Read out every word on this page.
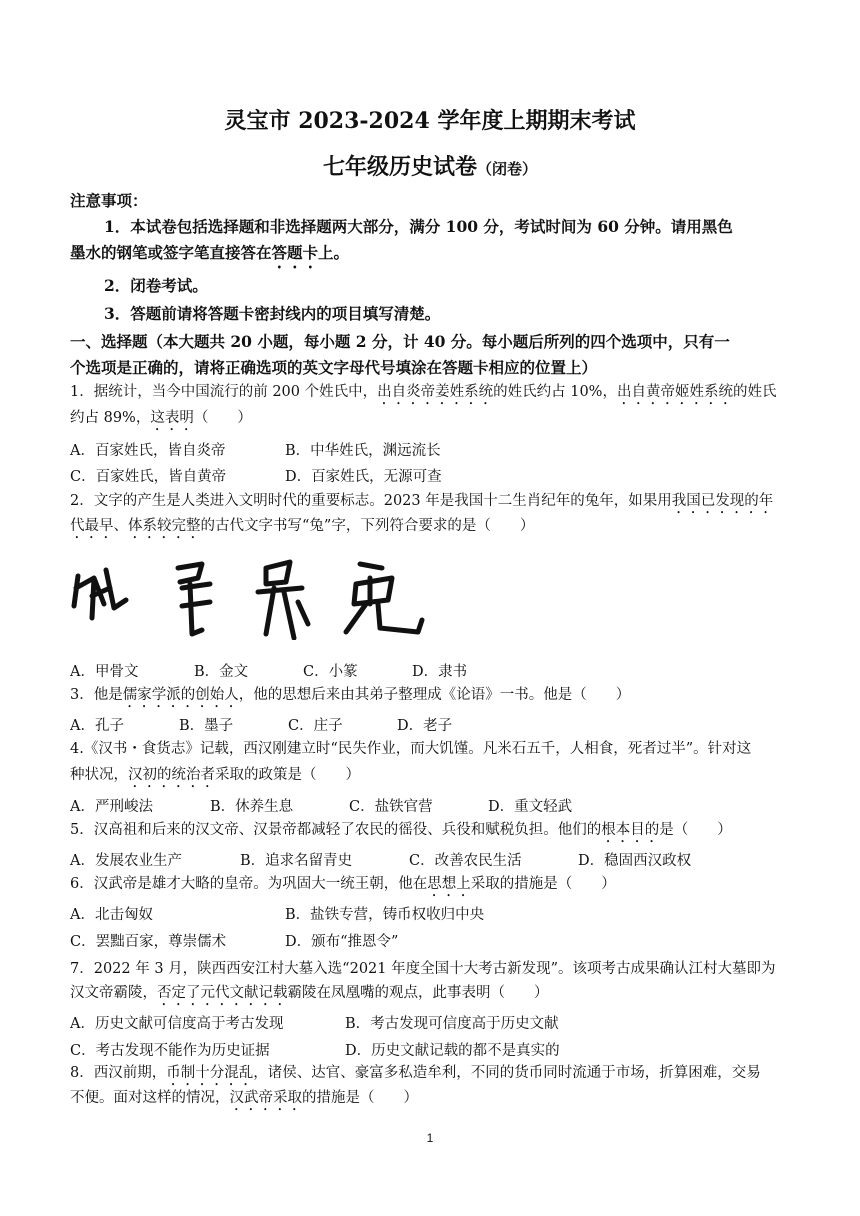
灵宝市 2023-2024 学年度上期期末考试
七年级历史试卷（闭卷）
注意事项：
1．本试卷包括选择题和非选择题两大部分，满分 100 分，考试时间为 60 分钟。请用黑色
墨水的钢笔或签字笔直接答在答题卡上。
2．闭卷考试。
3．答题前请将答题卡密封线内的项目填写清楚。
一、选择题（本大题共 20 小题，每小题 2 分，计 40 分。每小题后所列的四个选项中，只有一
个选项是正确的，请将正确选项的英文字母代号填涂在答题卡相应的位置上）
1．据统计，当今中国流行的前 200 个姓氏中，出自炎帝姜姓系统的姓氏约占 10%，出自黄帝姬姓系统的姓氏
约占 89%，这表明（　　）
A．百家姓氏，皆自炎帝	B．中华姓氏，渊远流长
C．百家姓氏，皆自黄帝	D．百家姓氏，无源可查
2．文字的产生是人类进入文明时代的重要标志。2023 年是我国十二生肖纪年的兔年，如果用我国已发现的年
代最早、体系较完整的古代文字书写“兔”字，下列符合要求的是（　　）
A．甲骨文	B．金文	C．小篆	D．隶书
3．他是儒家学派的创始人，他的思想后来由其弟子整理成《论语》一书。他是（　　）
A．孔子	B．墨子	C．庄子	D．老子
4.《汉书・食货志》记载，西汉刚建立时“民失作业，而大饥馑。凡米石五千，人相食，死者过半”。针对这
种状况，汉初的统治者采取的政策是（　　）
A．严刑峻法	B．休养生息	C．盐铁官营	D．重文轻武
5．汉高祖和后来的汉文帝、汉景帝都减轻了农民的徭役、兵役和赋税负担。他们的根本目的是（　　）
A．发展农业生产	B．追求名留青史	C．改善农民生活	D．稳固西汉政权
6．汉武帝是雄才大略的皇帝。为巩固大一统王朝，他在思想上采取的措施是（　　）
A．北击匈奴	B．盐铁专营，铸币权收归中央
C．罢黜百家，尊崇儒术	D．颁布“推恩令”
7．2022 年 3 月，陕西西安江村大墓入选“2021 年度全国十大考古新发现”。该项考古成果确认江村大墓即为
汉文帝霸陵，否定了元代文献记载霸陵在凤凰嘴的观点，此事表明（　　）
A．历史文献可信度高于考古发现	B．考古发现可信度高于历史文献
C．考古发现不能作为历史证据	D．历史文献记载的都不是真实的
8．西汉前期，币制十分混乱，诸侯、达官、豪富多私造牟利，不同的货币同时流通于市场，折算困难，交易
不便。面对这样的情况，汉武帝采取的措施是（　　）
1
